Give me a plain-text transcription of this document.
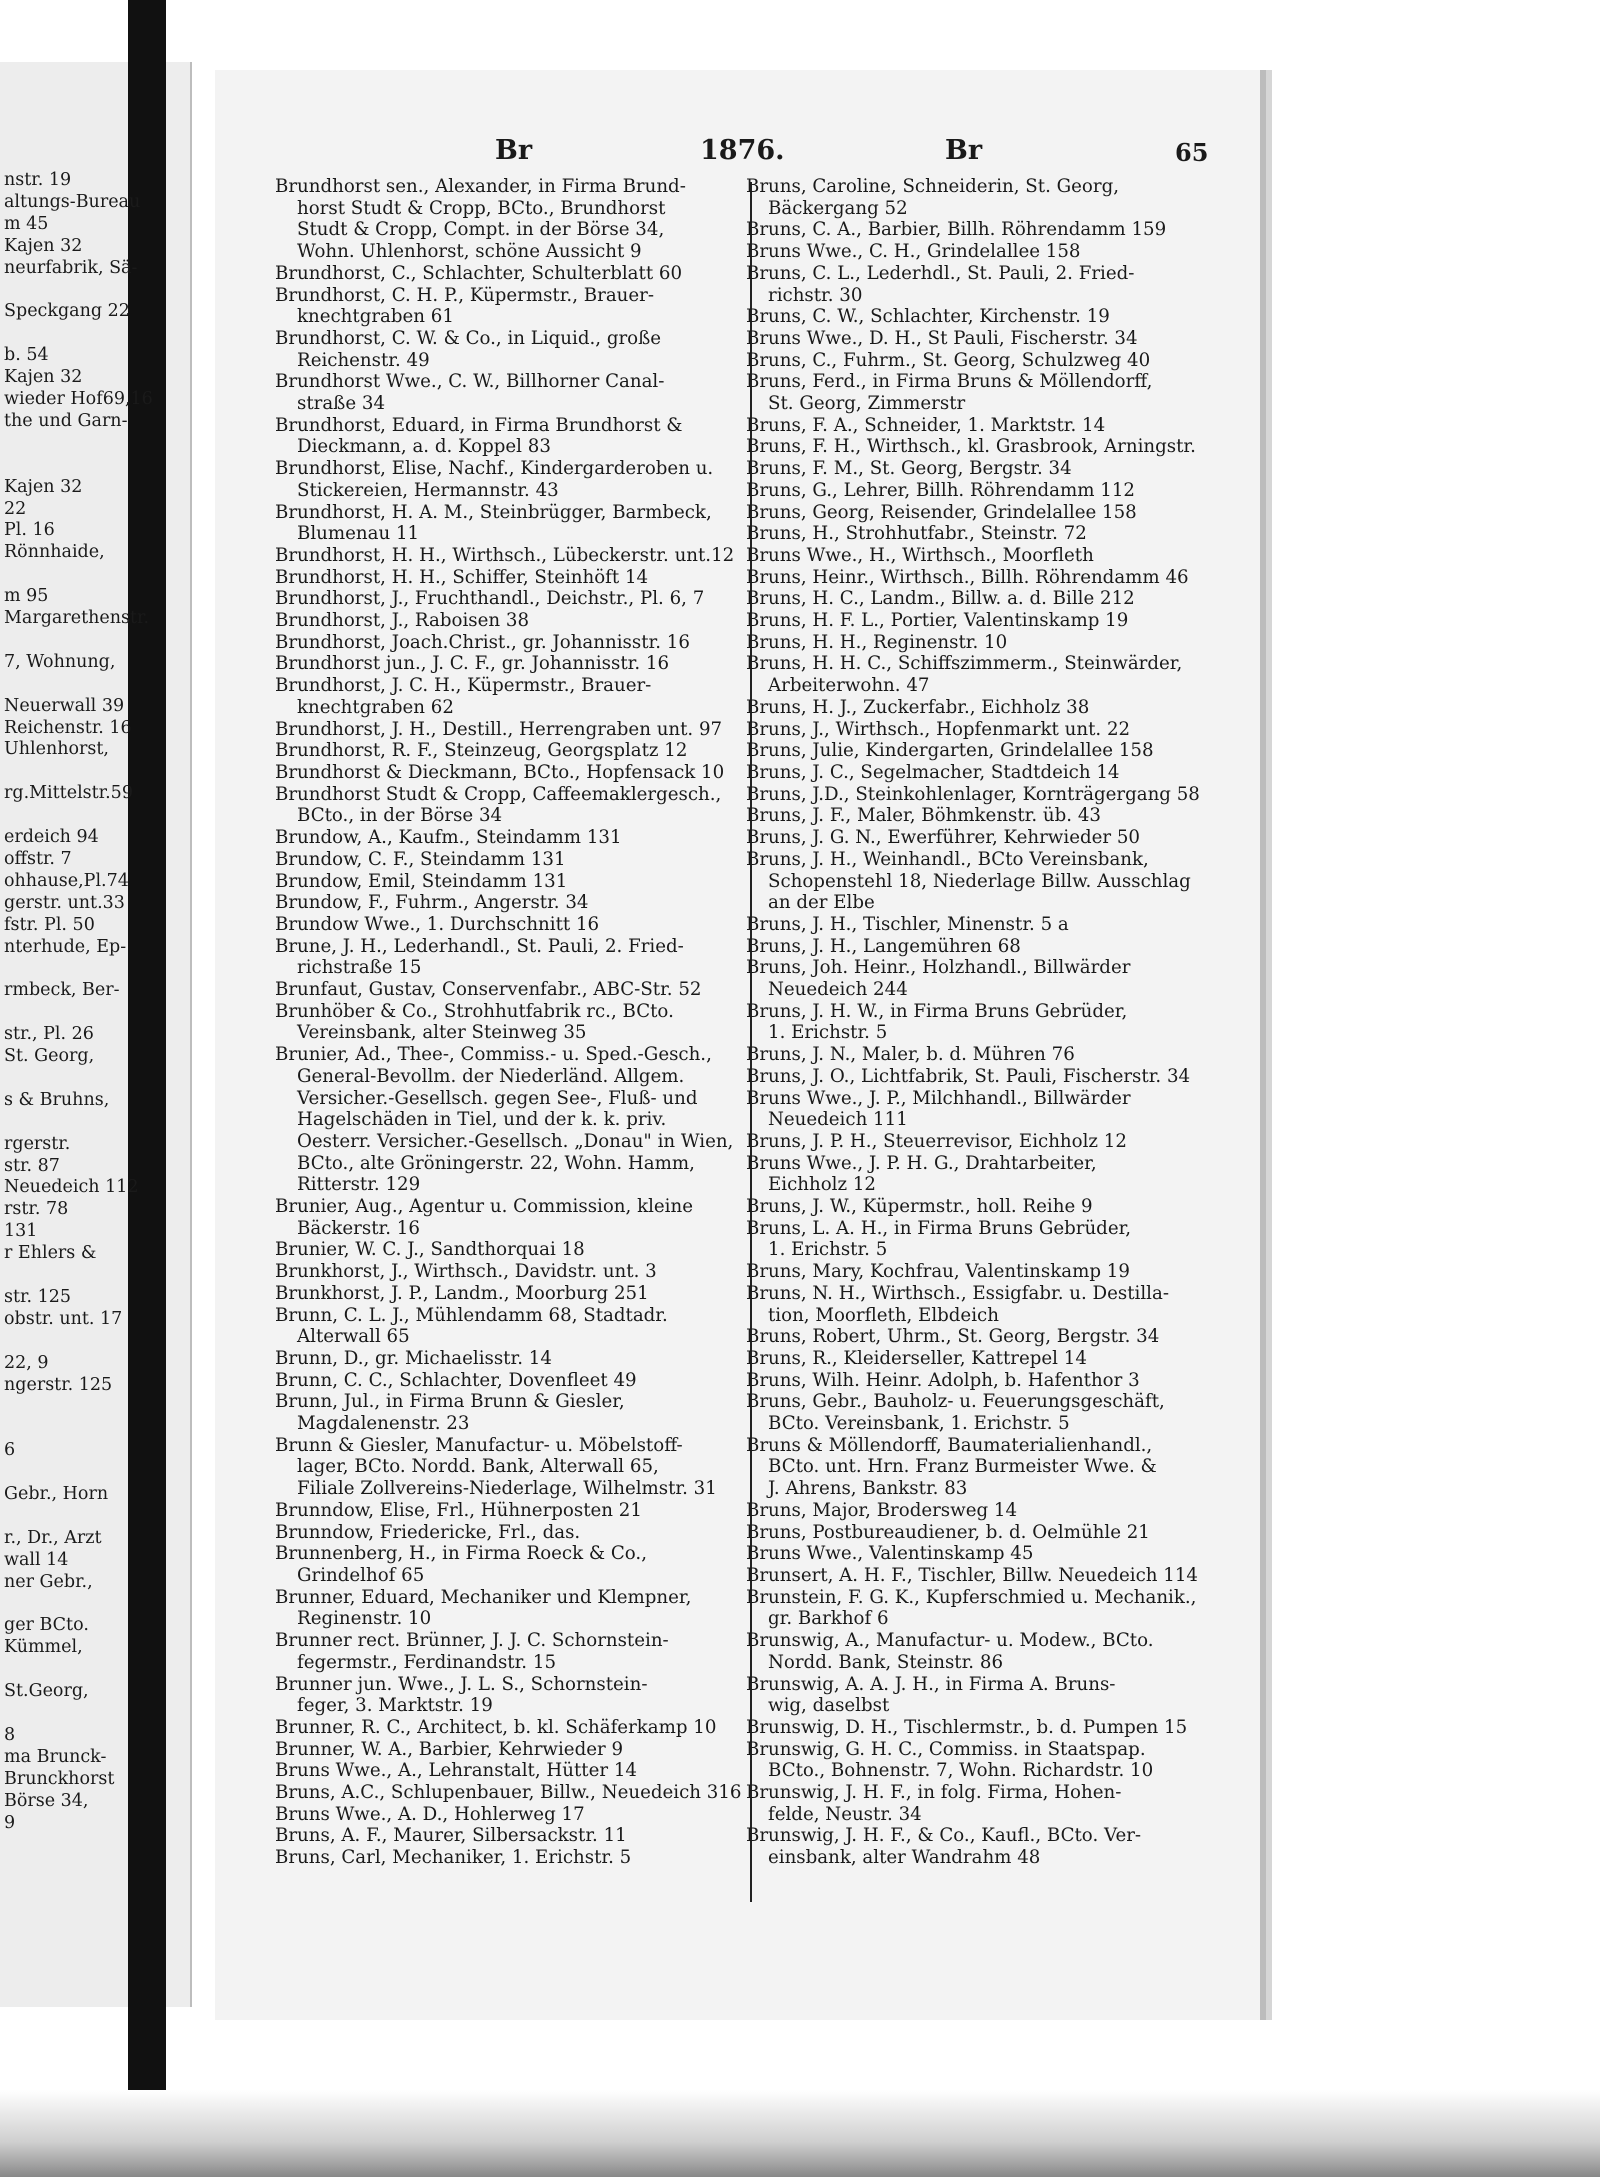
nstr. 19
altungs-Bureau
m 45
Kajen 32
neurfabrik, Sä-
Speckgang 22
b. 54
Kajen 32
wieder Hof69,16
the und Garn-
Kajen 32
22
Pl. 16
Rönnhaide,
m 95
Margarethenstr.
7, Wohnung,
Neuerwall 39
Reichenstr. 16
Uhlenhorst,
rg.Mittelstr.59
erdeich 94
offstr. 7
ohhause,Pl.74
gerstr. unt.33
fstr. Pl. 50
nterhude, Ep-
rmbeck, Ber-
str., Pl. 26
St. Georg,
s & Bruhns,
rgerstr.
str. 87
Neuedeich 112
rstr. 78
131
r Ehlers &
str. 125
obstr. unt. 17
22, 9
ngerstr. 125
6
Gebr., Horn
r., Dr., Arzt
wall 14
ner Gebr.,
ger BCto.
Kümmel,
St.Georg,
8
ma Brunck-
Brunckhorst
Börse 34,
9
Br	1876.	Br	65
Brundhorst sen., Alexander, in Firma Brund-
horst Studt & Cropp, BCto., Brundhorst
Studt & Cropp, Compt. in der Börse 34,
Wohn. Uhlenhorst, schöne Aussicht 9
Brundhorst, C., Schlachter, Schulterblatt 60
Brundhorst, C. H. P., Küpermstr., Brauer-
knechtgraben 61
Brundhorst, C. W. & Co., in Liquid., große
Reichenstr. 49
Brundhorst Wwe., C. W., Billhorner Canal-
straße 34
Brundhorst, Eduard, in Firma Brundhorst &
Dieckmann, a. d. Koppel 83
Brundhorst, Elise, Nachf., Kindergarderoben u.
Stickereien, Hermannstr. 43
Brundhorst, H. A. M., Steinbrügger, Barmbeck,
Blumenau 11
Brundhorst, H. H., Wirthsch., Lübeckerstr. unt.12
Brundhorst, H. H., Schiffer, Steinhöft 14
Brundhorst, J., Fruchthandl., Deichstr., Pl. 6, 7
Brundhorst, J., Raboisen 38
Brundhorst, Joach.Christ., gr. Johannisstr. 16
Brundhorst jun., J. C. F., gr. Johannisstr. 16
Brundhorst, J. C. H., Küpermstr., Brauer-
knechtgraben 62
Brundhorst, J. H., Destill., Herrengraben unt. 97
Brundhorst, R. F., Steinzeug, Georgsplatz 12
Brundhorst & Dieckmann, BCto., Hopfensack 10
Brundhorst Studt & Cropp, Caffeemaklergesch.,
BCto., in der Börse 34
Brundow, A., Kaufm., Steindamm 131
Brundow, C. F., Steindamm 131
Brundow, Emil, Steindamm 131
Brundow, F., Fuhrm., Angerstr. 34
Brundow Wwe., 1. Durchschnitt 16
Brune, J. H., Lederhandl., St. Pauli, 2. Fried-
richstraße 15
Brunfaut, Gustav, Conservenfabr., ABC-Str. 52
Brunhöber & Co., Strohhutfabrik rc., BCto.
Vereinsbank, alter Steinweg 35
Brunier, Ad., Thee-, Commiss.- u. Sped.-Gesch.,
General-Bevollm. der Niederländ. Allgem.
Versicher.-Gesellsch. gegen See-, Fluß- und
Hagelschäden in Tiel, und der k. k. priv.
Oesterr. Versicher.-Gesellsch. „Donau" in Wien,
BCto., alte Gröningerstr. 22, Wohn. Hamm,
Ritterstr. 129
Brunier, Aug., Agentur u. Commission, kleine
Bäckerstr. 16
Brunier, W. C. J., Sandthorquai 18
Brunkhorst, J., Wirthsch., Davidstr. unt. 3
Brunkhorst, J. P., Landm., Moorburg 251
Brunn, C. L. J., Mühlendamm 68, Stadtadr.
Alterwall 65
Brunn, D., gr. Michaelisstr. 14
Brunn, C. C., Schlachter, Dovenfleet 49
Brunn, Jul., in Firma Brunn & Giesler,
Magdalenenstr. 23
Brunn & Giesler, Manufactur- u. Möbelstoff-
lager, BCto. Nordd. Bank, Alterwall 65,
Filiale Zollvereins-Niederlage, Wilhelmstr. 31
Brunndow, Elise, Frl., Hühnerposten 21
Brunndow, Friedericke, Frl., das.
Brunnenberg, H., in Firma Roeck & Co.,
Grindelhof 65
Brunner, Eduard, Mechaniker und Klempner,
Reginenstr. 10
Brunner rect. Brünner, J. J. C. Schornstein-
fegermstr., Ferdinandstr. 15
Brunner jun. Wwe., J. L. S., Schornstein-
feger, 3. Marktstr. 19
Brunner, R. C., Architect, b. kl. Schäferkamp 10
Brunner, W. A., Barbier, Kehrwieder 9
Bruns Wwe., A., Lehranstalt, Hütter 14
Bruns, A.C., Schlupenbauer, Billw., Neuedeich 316
Bruns Wwe., A. D., Hohlerweg 17
Bruns, A. F., Maurer, Silbersackstr. 11
Bruns, Carl, Mechaniker, 1. Erichstr. 5
Bruns, Caroline, Schneiderin, St. Georg,
Bäckergang 52
Bruns, C. A., Barbier, Billh. Röhrendamm 159
Bruns Wwe., C. H., Grindelallee 158
Bruns, C. L., Lederhdl., St. Pauli, 2. Fried-
richstr. 30
Bruns, C. W., Schlachter, Kirchenstr. 19
Bruns Wwe., D. H., St Pauli, Fischerstr. 34
Bruns, C., Fuhrm., St. Georg, Schulzweg 40
Bruns, Ferd., in Firma Bruns & Möllendorff,
St. Georg, Zimmerstr
Bruns, F. A., Schneider, 1. Marktstr. 14
Bruns, F. H., Wirthsch., kl. Grasbrook, Arningstr.
Bruns, F. M., St. Georg, Bergstr. 34
Bruns, G., Lehrer, Billh. Röhrendamm 112
Bruns, Georg, Reisender, Grindelallee 158
Bruns, H., Strohhutfabr., Steinstr. 72
Bruns Wwe., H., Wirthsch., Moorfleth
Bruns, Heinr., Wirthsch., Billh. Röhrendamm 46
Bruns, H. C., Landm., Billw. a. d. Bille 212
Bruns, H. F. L., Portier, Valentinskamp 19
Bruns, H. H., Reginenstr. 10
Bruns, H. H. C., Schiffszimmerm., Steinwärder,
Arbeiterwohn. 47
Bruns, H. J., Zuckerfabr., Eichholz 38
Bruns, J., Wirthsch., Hopfenmarkt unt. 22
Bruns, Julie, Kindergarten, Grindelallee 158
Bruns, J. C., Segelmacher, Stadtdeich 14
Bruns, J.D., Steinkohlenlager, Kornträgergang 58
Bruns, J. F., Maler, Böhmkenstr. üb. 43
Bruns, J. G. N., Ewerführer, Kehrwieder 50
Bruns, J. H., Weinhandl., BCto Vereinsbank,
Schopenstehl 18, Niederlage Billw. Ausschlag
an der Elbe
Bruns, J. H., Tischler, Minenstr. 5 a
Bruns, J. H., Langemühren 68
Bruns, Joh. Heinr., Holzhandl., Billwärder
Neuedeich 244
Bruns, J. H. W., in Firma Bruns Gebrüder,
1. Erichstr. 5
Bruns, J. N., Maler, b. d. Mühren 76
Bruns, J. O., Lichtfabrik, St. Pauli, Fischerstr. 34
Bruns Wwe., J. P., Milchhandl., Billwärder
Neuedeich 111
Bruns, J. P. H., Steuerrevisor, Eichholz 12
Bruns Wwe., J. P. H. G., Drahtarbeiter,
Eichholz 12
Bruns, J. W., Küpermstr., holl. Reihe 9
Bruns, L. A. H., in Firma Bruns Gebrüder,
1. Erichstr. 5
Bruns, Mary, Kochfrau, Valentinskamp 19
Bruns, N. H., Wirthsch., Essigfabr. u. Destilla-
tion, Moorfleth, Elbdeich
Bruns, Robert, Uhrm., St. Georg, Bergstr. 34
Bruns, R., Kleiderseller, Kattrepel 14
Bruns, Wilh. Heinr. Adolph, b. Hafenthor 3
Bruns, Gebr., Bauholz- u. Feuerungsgeschäft,
BCto. Vereinsbank, 1. Erichstr. 5
Bruns & Möllendorff, Baumaterialienhandl.,
BCto. unt. Hrn. Franz Burmeister Wwe. &
J. Ahrens, Bankstr. 83
Bruns, Major, Brodersweg 14
Bruns, Postbureaudiener, b. d. Oelmühle 21
Bruns Wwe., Valentinskamp 45
Brunsert, A. H. F., Tischler, Billw. Neuedeich 114
Brunstein, F. G. K., Kupferschmied u. Mechanik.,
gr. Barkhof 6
Brunswig, A., Manufactur- u. Modew., BCto.
Nordd. Bank, Steinstr. 86
Brunswig, A. A. J. H., in Firma A. Bruns-
wig, daselbst
Brunswig, D. H., Tischlermstr., b. d. Pumpen 15
Brunswig, G. H. C., Commiss. in Staatspap.
BCto., Bohnenstr. 7, Wohn. Richardstr. 10
Brunswig, J. H. F., in folg. Firma, Hohen-
felde, Neustr. 34
Brunswig, J. H. F., & Co., Kaufl., BCto. Ver-
einsbank, alter Wandrahm 48
